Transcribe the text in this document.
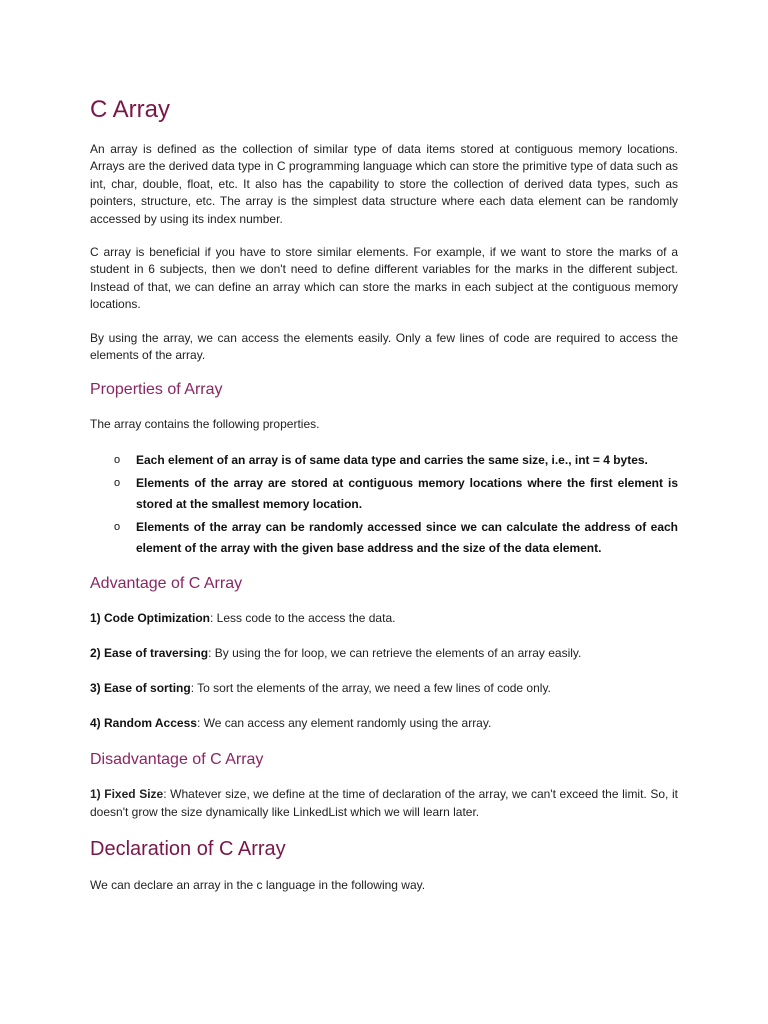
C Array

An array is defined as the collection of similar type of data items stored at contiguous memory locations. Arrays are the derived data type in C programming language which can store the primitive type of data such as int, char, double, float, etc. It also has the capability to store the collection of derived data types, such as pointers, structure, etc. The array is the simplest data structure where each data element can be randomly accessed by using its index number.

C array is beneficial if you have to store similar elements. For example, if we want to store the marks of a student in 6 subjects, then we don't need to define different variables for the marks in the different subject. Instead of that, we can define an array which can store the marks in each subject at the contiguous memory locations.

By using the array, we can access the elements easily. Only a few lines of code are required to access the elements of the array.

Properties of Array

The array contains the following properties.

o Each element of an array is of same data type and carries the same size, i.e., int = 4 bytes.
o Elements of the array are stored at contiguous memory locations where the first element is stored at the smallest memory location.
o Elements of the array can be randomly accessed since we can calculate the address of each element of the array with the given base address and the size of the data element.
Advantage of C Array

1) Code Optimization: Less code to the access the data.

2) Ease of traversing: By using the for loop, we can retrieve the elements of an array easily.

3) Ease of sorting: To sort the elements of the array, we need a few lines of code only.

4) Random Access: We can access any element randomly using the array.

Disadvantage of C Array

1) Fixed Size: Whatever size, we define at the time of declaration of the array, we can't exceed the limit. So, it doesn't grow the size dynamically like LinkedList which we will learn later.

Declaration of C Array

We can declare an array in the c language in the following way.
